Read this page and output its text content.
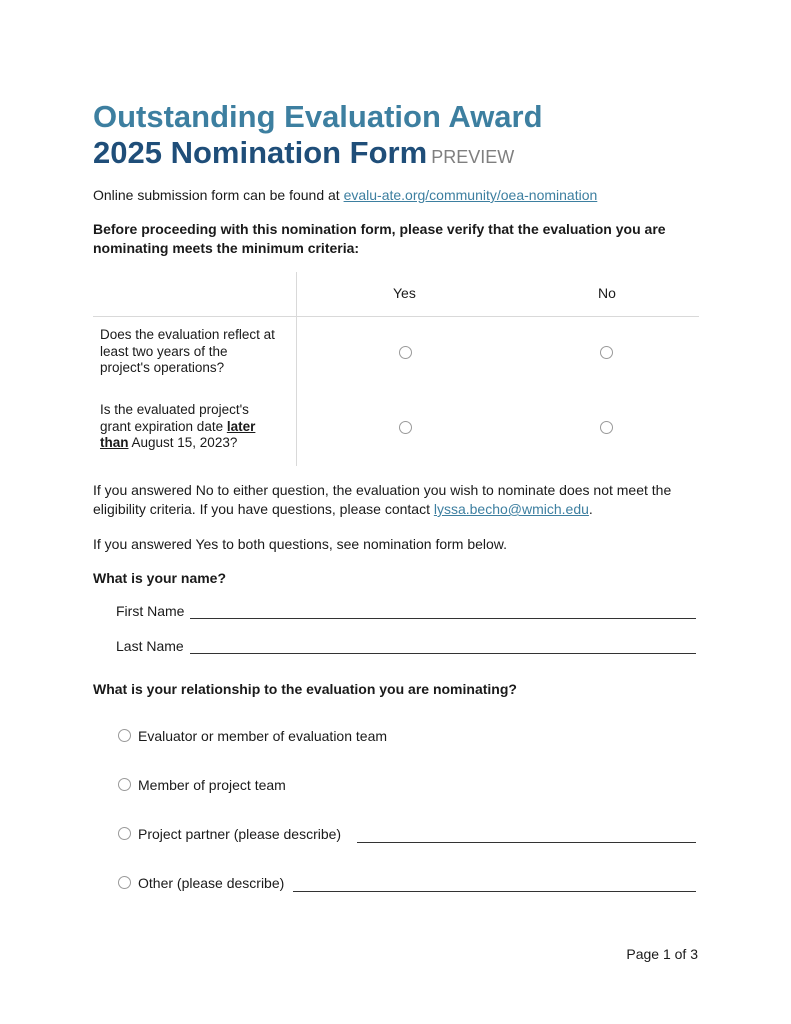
Outstanding Evaluation Award
2025 Nomination Form PREVIEW
Online submission form can be found at evalu-ate.org/community/oea-nomination
Before proceeding with this nomination form, please verify that the evaluation you are
nominating meets the minimum criteria:
Yes	No
Does the evaluation reflect at
least two years of the
project's operations?
Is the evaluated project's
grant expiration date later
than August 15, 2023?
If you answered No to either question, the evaluation you wish to nominate does not meet the
eligibility criteria. If you have questions, please contact lyssa.becho@wmich.edu.
If you answered Yes to both questions, see nomination form below.
What is your name?
First Name
Last Name
What is your relationship to the evaluation you are nominating?
Evaluator or member of evaluation team
Member of project team
Project partner (please describe)
Other (please describe)
Page 1 of 3
